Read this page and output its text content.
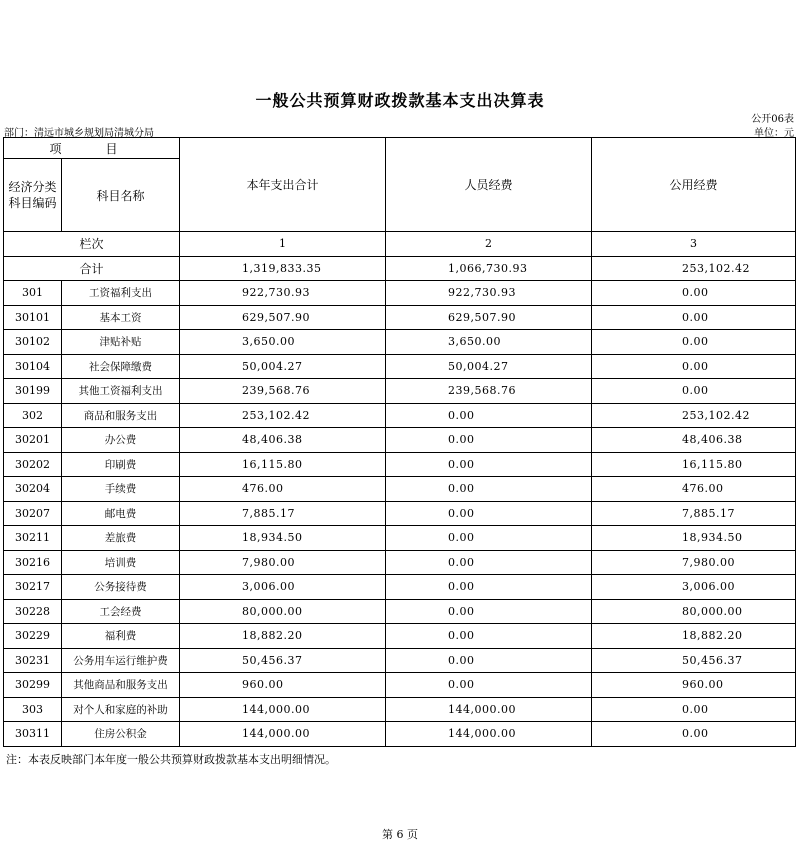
一般公共预算财政拨款基本支出决算表
公开06表
部门：清远市城乡规划局清城分局	单位：元
项　目		本年支出合计	人员经费	公用经费
经济分类科目编码	科目名称			
栏次		1	2	3
合计		1,319,833.35	1,066,730.93	253,102.42
301	工资福利支出	922,730.93	922,730.93	0.00
30101	基本工资	629,507.90	629,507.90	0.00
30102	津贴补贴	3,650.00	3,650.00	0.00
30104	社会保障缴费	50,004.27	50,004.27	0.00
30199	其他工资福利支出	239,568.76	239,568.76	0.00
302	商品和服务支出	253,102.42	0.00	253,102.42
30201	办公费	48,406.38	0.00	48,406.38
30202	印刷费	16,115.80	0.00	16,115.80
30204	手续费	476.00	0.00	476.00
30207	邮电费	7,885.17	0.00	7,885.17
30211	差旅费	18,934.50	0.00	18,934.50
30216	培训费	7,980.00	0.00	7,980.00
30217	公务接待费	3,006.00	0.00	3,006.00
30228	工会经费	80,000.00	0.00	80,000.00
30229	福利费	18,882.20	0.00	18,882.20
30231	公务用车运行维护费	50,456.37	0.00	50,456.37
30299	其他商品和服务支出	960.00	0.00	960.00
303	对个人和家庭的补助	144,000.00	144,000.00	0.00
30311	住房公积金	144,000.00	144,000.00	0.00
注：本表反映部门本年度一般公共预算财政拨款基本支出明细情况。
第 6 页
